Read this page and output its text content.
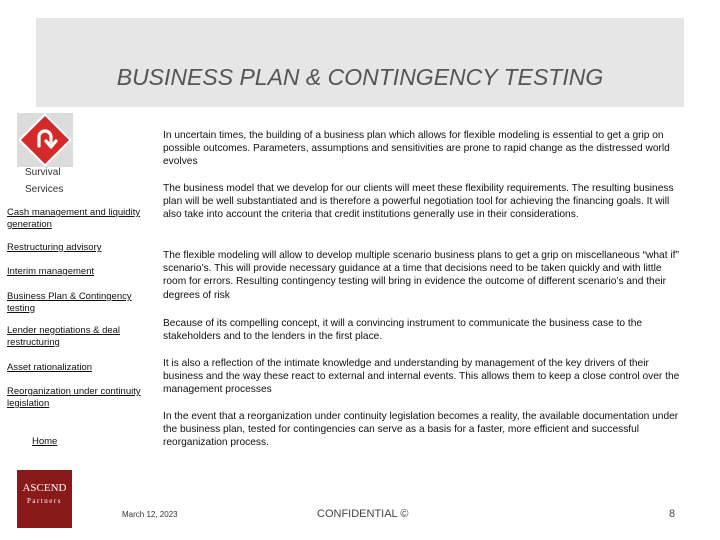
BUSINESS PLAN & CONTINGENCY TESTING
Survival
Services
Cash management and liquidity generation
Restructuring advisory
Interim management
Business Plan & Contingency testing
Lender negotiations & deal restructuring
Asset rationalization
Reorganization under continuity legislation
Home
In uncertain times, the building of a business plan which allows for flexible modeling is essential to get a grip on possible outcomes. Parameters, assumptions and sensitivities are prone to rapid change as the distressed world evolves
The business model that we develop for our clients will meet these flexibility requirements. The resulting business plan will be well substantiated and is therefore a powerful negotiation tool for achieving the financing goals. It will also take into account the criteria that credit institutions generally use in their considerations.
The flexible modeling will allow to develop multiple scenario business plans to get a grip on miscellaneous “what if” scenario’s. This will provide necessary guidance at a time that decisions need to be taken quickly and with little room for errors. Resulting contingency testing will bring in evidence the outcome of different scenario’s and their degrees of risk
Because of its compelling concept, it will a convincing instrument to communicate the business case to the stakeholders and to the lenders in the first place.
It is also a reflection of the intimate knowledge and understanding by management of the key drivers of their business and the way these react to external and internal events. This allows them to keep a close control over the management processes
In the event that a reorganization under continuity legislation becomes a reality, the available documentation under the business plan, tested for contingencies can serve as a basis for a faster, more efficient and successful reorganization process.
ASCEND
Partners
March 12, 2023	CONFIDENTIAL ©	8
